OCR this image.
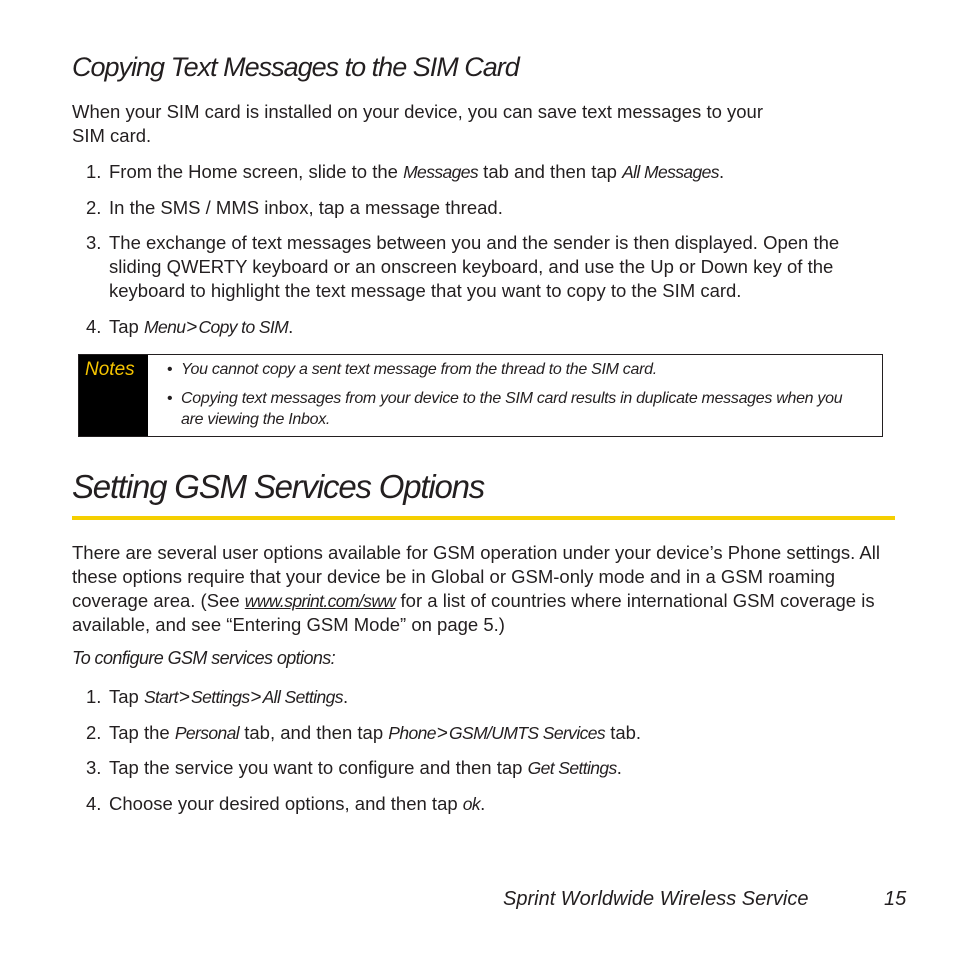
Copying Text Messages to the SIM Card

When your SIM card is installed on your device, you can save text messages to your
SIM card.

1. From the Home screen, slide to the Messages tab and then tap All Messages.
2. In the SMS / MMS inbox, tap a message thread.
3. The exchange of text messages between you and the sender is then displayed. Open the sliding QWERTY keyboard or an onscreen keyboard, and use the Up or Down key of the keyboard to highlight the text message that you want to copy to the SIM card.
4. Tap Menu>Copy to SIM.
Notes	• You cannot copy a sent text message from the thread to the SIM card.
• Copying text messages from your device to the SIM card results in duplicate messages when you are viewing the Inbox.
Setting GSM Services Options

There are several user options available for GSM operation under your device’s Phone settings. All these options require that your device be in Global or GSM-only mode and in a GSM roaming coverage area. (See www.sprint.com/sww for a list of countries where international GSM coverage is available, and see “Entering GSM Mode” on page 5.)

To configure GSM services options:
1. Tap Start>Settings>All Settings.
2. Tap the Personal tab, and then tap Phone>GSM/UMTS Services tab.
3. Tap the service you want to configure and then tap Get Settings.
4. Choose your desired options, and then tap ok.
Sprint Worldwide Wireless Service	15
